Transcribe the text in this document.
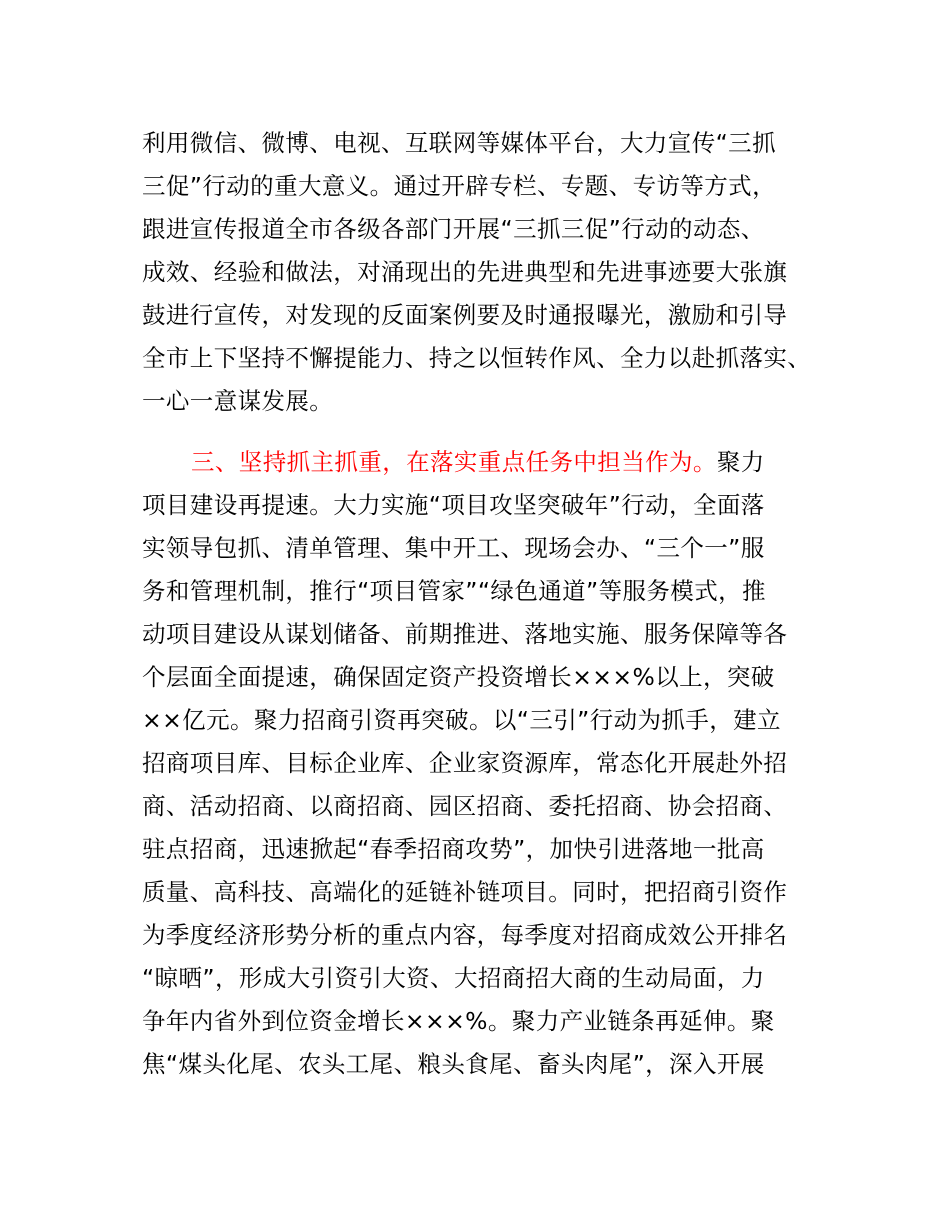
利用微信、微博、电视、互联网等媒体平台，大力宣传“三抓

三促”行动的重大意义。通过开辟专栏、专题、专访等方式，

跟进宣传报道全市各级各部门开展“三抓三促”行动的动态、

成效、经验和做法，对涌现出的先进典型和先进事迹要大张旗

鼓进行宣传，对发现的反面案例要及时通报曝光，激励和引导

全市上下坚持不懈提能力、持之以恒转作风、全力以赴抓落实、

一心一意谋发展。

三、坚持抓主抓重，在落实重点任务中担当作为。聚力

项目建设再提速。大力实施“项目攻坚突破年”行动，全面落

实领导包抓、清单管理、集中开工、现场会办、“三个一”服

务和管理机制，推行“项目管家”“绿色通道”等服务模式，推

动项目建设从谋划储备、前期推进、落地实施、服务保障等各

个层面全面提速，确保固定资产投资增长×××%以上，突破

××亿元。聚力招商引资再突破。以“三引”行动为抓手，建立

招商项目库、目标企业库、企业家资源库，常态化开展赴外招

商、活动招商、以商招商、园区招商、委托招商、协会招商、

驻点招商，迅速掀起“春季招商攻势”，加快引进落地一批高

质量、高科技、高端化的延链补链项目。同时，把招商引资作

为季度经济形势分析的重点内容，每季度对招商成效公开排名

“晾晒”，形成大引资引大资、大招商招大商的生动局面，力

争年内省外到位资金增长×××%。聚力产业链条再延伸。聚

焦“煤头化尾、农头工尾、粮头食尾、畜头肉尾”，深入开展
